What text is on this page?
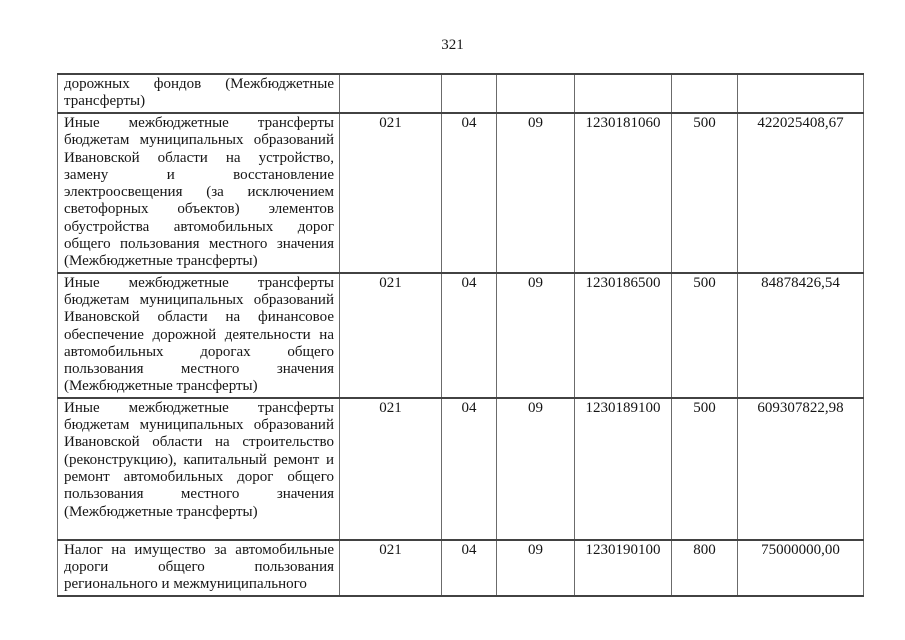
321
дорожных фондов (Межбюджетные трансферты)						
Иные межбюджетные трансферты бюджетам муниципальных образований Ивановской области на устройство, замену и восстановление электроосвещения (за исключением светофорных объектов) элементов обустройства автомобильных дорог общего пользования местного значения (Межбюджетные трансферты)	021	04	09	1230181060	500	422025408,67
Иные межбюджетные трансферты бюджетам муниципальных образований Ивановской области на финансовое обеспечение дорожной деятельности на автомобильных дорогах общего пользования местного значения (Межбюджетные трансферты)	021	04	09	1230186500	500	84878426,54
Иные межбюджетные трансферты бюджетам муниципальных образований Ивановской области на строительство (реконструкцию), капитальный ремонт и ремонт автомобильных дорог общего пользования местного значения (Межбюджетные трансферты)	021	04	09	1230189100	500	609307822,98
Налог на имущество за автомобильные дороги общего пользования регионального и межмуниципального	021	04	09	1230190100	800	75000000,00
